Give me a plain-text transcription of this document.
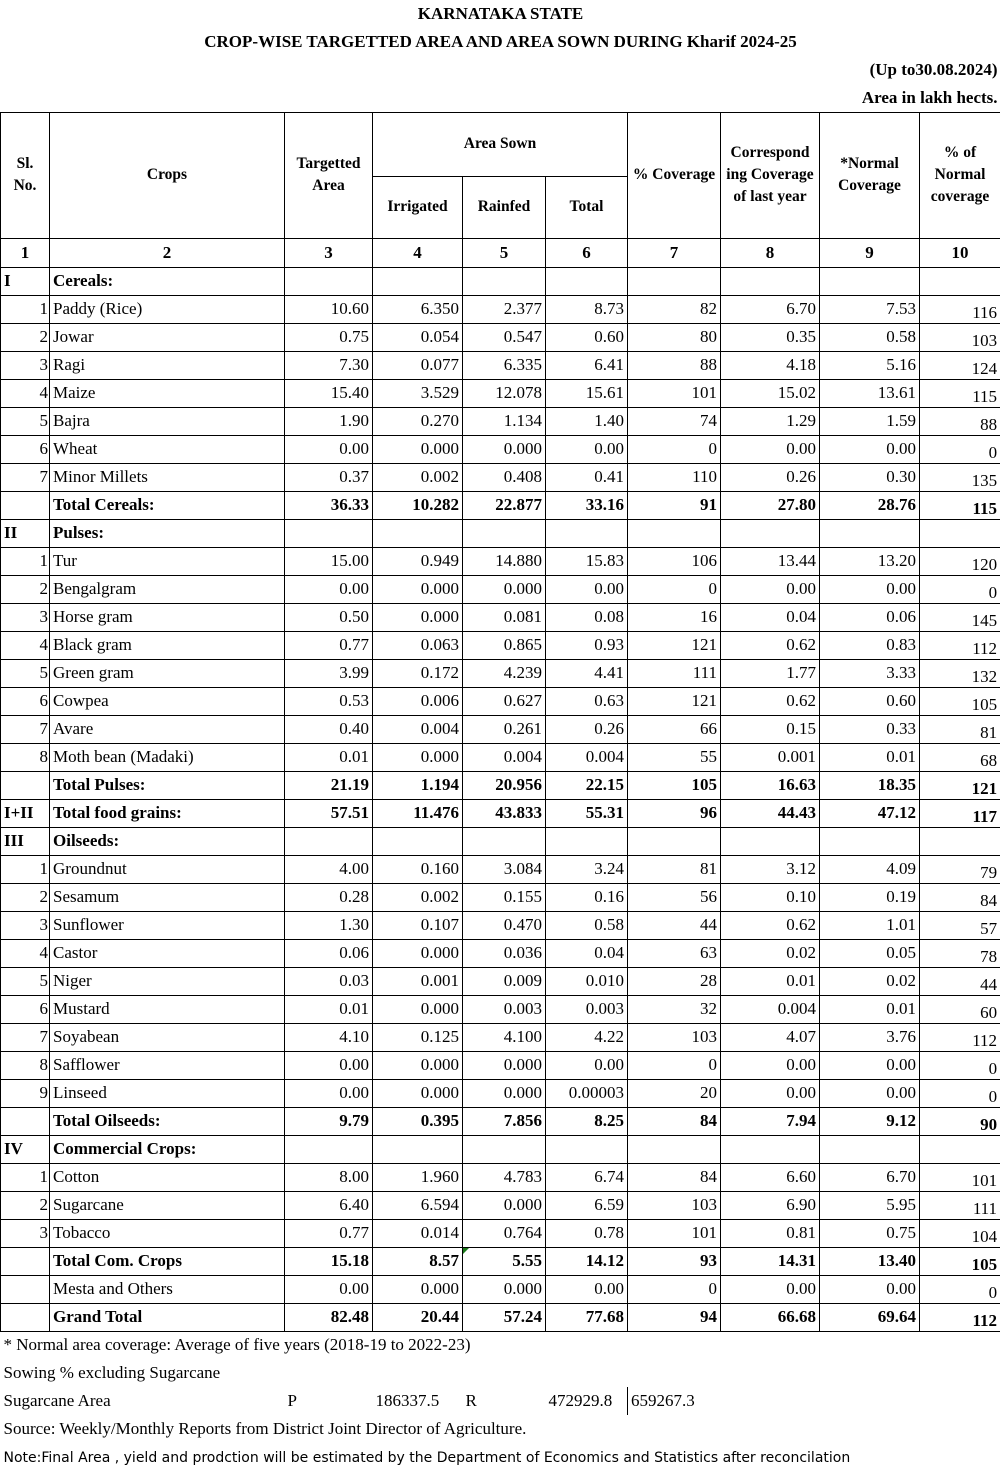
KARNATAKA STATE									
CROP-WISE TARGETTED AREA AND AREA SOWN DURING Kharif 2024-25									
(Up to30.08.2024)									
Area in lakh hects.									
Sl. No.	Crops	Targetted Area	Area Sown			% Coverage	Correspond ing Coverage of last year	*Normal Coverage	% of Normal coverage
			Irrigated	Rainfed	Total				
1	2	3	4	5	6	7	8	9	10
I	Cereals:								
1	Paddy (Rice)	10.60	6.350	2.377	8.73	82	6.70	7.53	116
2	Jowar	0.75	0.054	0.547	0.60	80	0.35	0.58	103
3	Ragi	7.30	0.077	6.335	6.41	88	4.18	5.16	124
4	Maize	15.40	3.529	12.078	15.61	101	15.02	13.61	115
5	Bajra	1.90	0.270	1.134	1.40	74	1.29	1.59	88
6	Wheat	0.00	0.000	0.000	0.00	0	0.00	0.00	0
7	Minor Millets	0.37	0.002	0.408	0.41	110	0.26	0.30	135
	Total Cereals:	36.33	10.282	22.877	33.16	91	27.80	28.76	115
II	Pulses:								
1	Tur	15.00	0.949	14.880	15.83	106	13.44	13.20	120
2	Bengalgram	0.00	0.000	0.000	0.00	0	0.00	0.00	0
3	Horse gram	0.50	0.000	0.081	0.08	16	0.04	0.06	145
4	Black gram	0.77	0.063	0.865	0.93	121	0.62	0.83	112
5	Green gram	3.99	0.172	4.239	4.41	111	1.77	3.33	132
6	Cowpea	0.53	0.006	0.627	0.63	121	0.62	0.60	105
7	Avare	0.40	0.004	0.261	0.26	66	0.15	0.33	81
8	Moth bean (Madaki)	0.01	0.000	0.004	0.004	55	0.001	0.01	68
	Total Pulses:	21.19	1.194	20.956	22.15	105	16.63	18.35	121
I+II	Total food grains:	57.51	11.476	43.833	55.31	96	44.43	47.12	117
III	Oilseeds:								
1	Groundnut	4.00	0.160	3.084	3.24	81	3.12	4.09	79
2	Sesamum	0.28	0.002	0.155	0.16	56	0.10	0.19	84
3	Sunflower	1.30	0.107	0.470	0.58	44	0.62	1.01	57
4	Castor	0.06	0.000	0.036	0.04	63	0.02	0.05	78
5	Niger	0.03	0.001	0.009	0.010	28	0.01	0.02	44
6	Mustard	0.01	0.000	0.003	0.003	32	0.004	0.01	60
7	Soyabean	4.10	0.125	4.100	4.22	103	4.07	3.76	112
8	Safflower	0.00	0.000	0.000	0.00	0	0.00	0.00	0
9	Linseed	0.00	0.000	0.000	0.00003	20	0.00	0.00	0
	Total Oilseeds:	9.79	0.395	7.856	8.25	84	7.94	9.12	90
IV	Commercial Crops:								
1	Cotton	8.00	1.960	4.783	6.74	84	6.60	6.70	101
2	Sugarcane	6.40	6.594	0.000	6.59	103	6.90	5.95	111
3	Tobacco	0.77	0.014	0.764	0.78	101	0.81	0.75	104
	Total Com. Crops	15.18	8.57	5.55	14.12	93	14.31	13.40	105
	Mesta and Others	0.00	0.000	0.000	0.00	0	0.00	0.00	0
	Grand Total	82.48	20.44	57.24	77.68	94	66.68	69.64	112
* Normal area coverage: Average of five years (2018-19 to 2022-23)									
Sowing % excluding Sugarcane									
Sugarcane Area		P	186337.5	R	472929.8	659267.3			
Source: Weekly/Monthly Reports from District Joint Director of Agriculture.									
Note:Final Area , yield and prodction will be estimated by the Department of Economics and Statistics after reconcilation									
